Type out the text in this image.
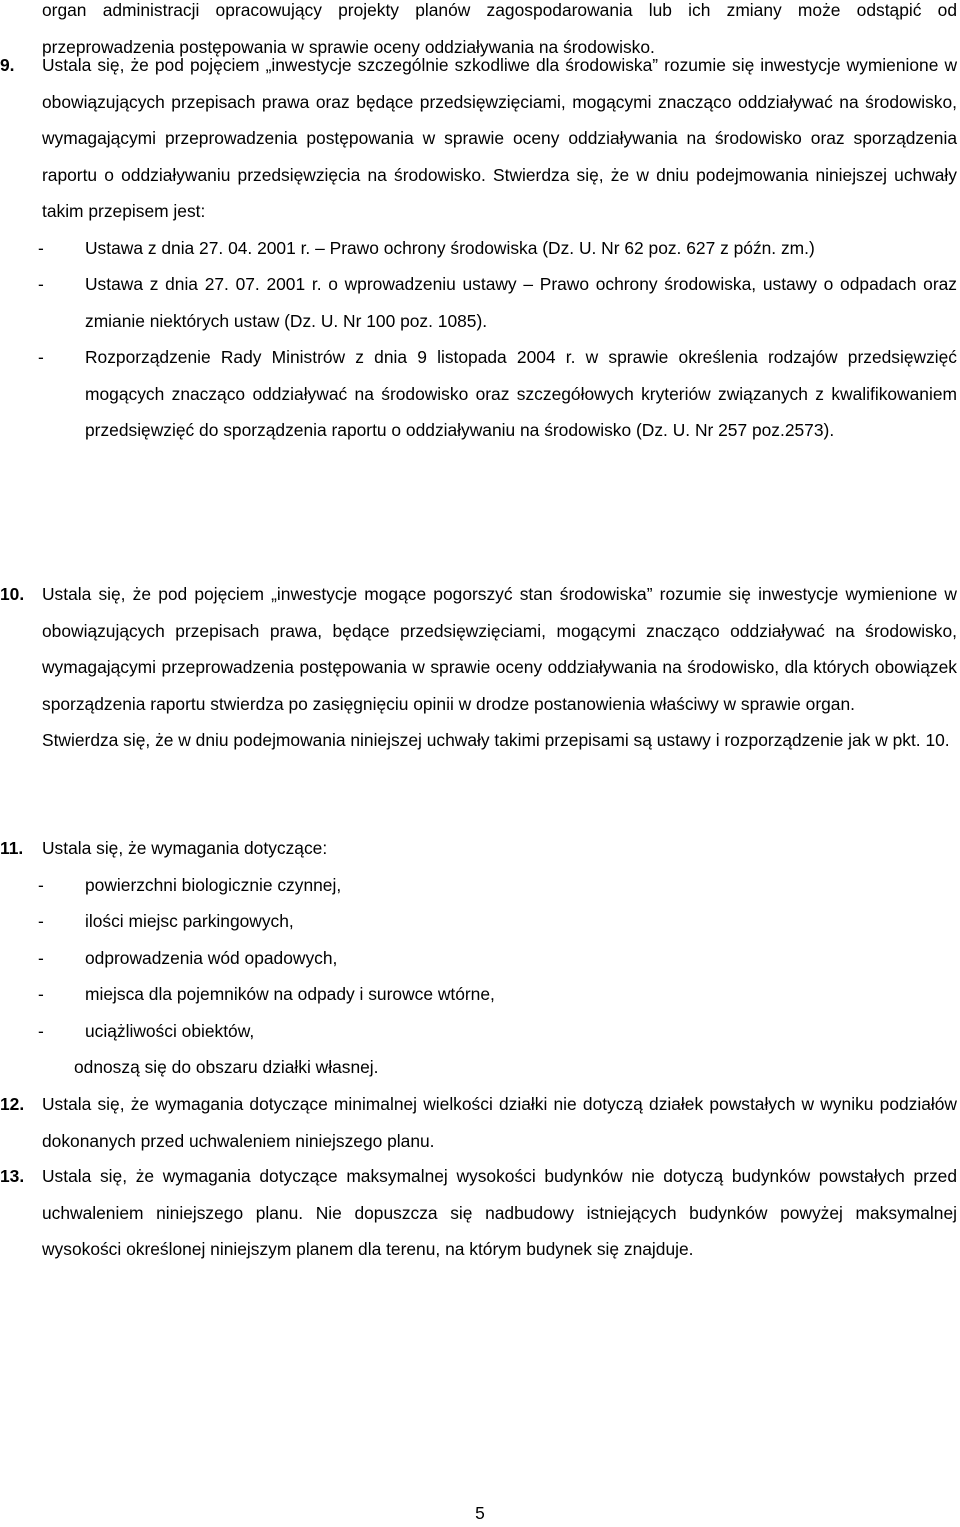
organ administracji opracowujący projekty planów zagospodarowania lub ich zmiany może odstąpić od przeprowadzenia postępowania w sprawie oceny oddziaływania na środowisko.
9. Ustala się, że pod pojęciem „inwestycje szczególnie szkodliwe dla środowiska” rozumie się inwestycje wymienione w obowiązujących przepisach prawa oraz będące przedsięwzięciami, mogącymi znacząco oddziaływać na środowisko, wymagającymi przeprowadzenia postępowania w sprawie oceny oddziaływania na środowisko oraz sporządzenia raportu o oddziaływaniu przedsięwzięcia na środowisko. Stwierdza się, że w dniu podejmowania niniejszej uchwały takim przepisem jest:
- Ustawa z dnia 27. 04. 2001 r. – Prawo ochrony środowiska (Dz. U. Nr 62 poz. 627 z późn. zm.)
- Ustawa z dnia 27. 07. 2001 r. o wprowadzeniu ustawy – Prawo ochrony środowiska, ustawy o odpadach oraz zmianie niektórych ustaw (Dz. U. Nr 100 poz. 1085).
- Rozporządzenie Rady Ministrów z dnia 9 listopada 2004 r. w sprawie określenia rodzajów przedsięwzięć mogących znacząco oddziaływać na środowisko oraz szczegółowych kryteriów związanych z kwalifikowaniem przedsięwzięć do sporządzenia raportu o oddziaływaniu na środowisko (Dz. U. Nr 257 poz.2573).
10. Ustala się, że pod pojęciem „inwestycje mogące pogorszyć stan środowiska” rozumie się inwestycje wymienione w obowiązujących przepisach prawa, będące przedsięwzięciami, mogącymi znacząco oddziaływać na środowisko, wymagającymi przeprowadzenia postępowania w sprawie oceny oddziaływania na środowisko, dla których obowiązek sporządzenia raportu stwierdza po zasięgnięciu opinii w drodze postanowienia właściwy w sprawie organ.
Stwierdza się, że w dniu podejmowania niniejszej uchwały takimi przepisami są ustawy i rozporządzenie jak w pkt. 10.
11. Ustala się, że wymagania dotyczące:
- powierzchni biologicznie czynnej,
- ilości miejsc parkingowych,
- odprowadzenia wód opadowych,
- miejsca dla pojemników na odpady i surowce wtórne,
- uciążliwości obiektów,
odnoszą się do obszaru działki własnej.
12. Ustala się, że wymagania dotyczące minimalnej wielkości działki nie dotyczą działek powstałych w wyniku podziałów dokonanych przed uchwaleniem niniejszego planu.
13. Ustala się, że wymagania dotyczące maksymalnej wysokości budynków nie dotyczą budynków powstałych przed uchwaleniem niniejszego planu. Nie dopuszcza się nadbudowy istniejących budynków powyżej maksymalnej wysokości określonej niniejszym planem dla terenu, na którym budynek się znajduje.
5
